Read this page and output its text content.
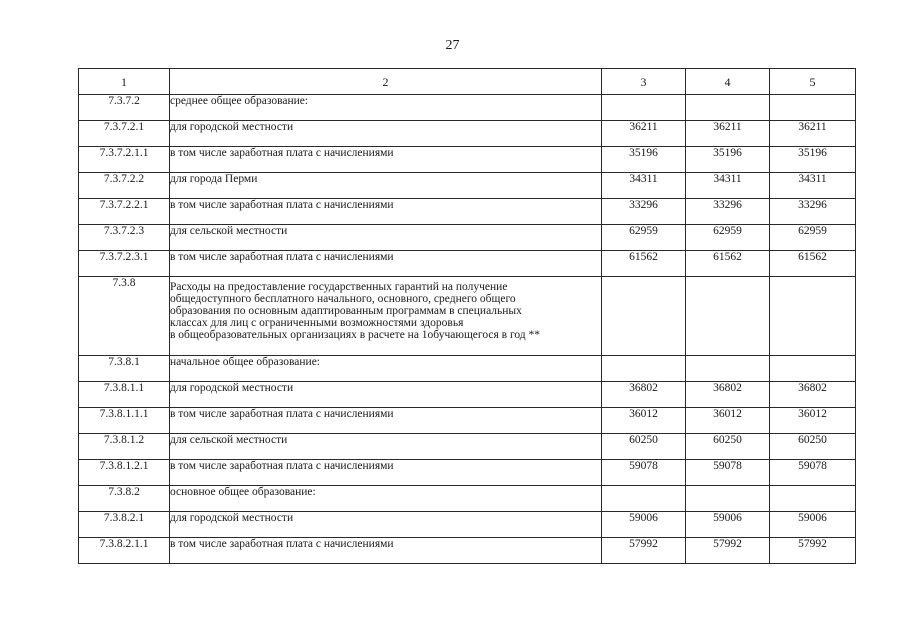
27
1	2	3	4	5
7.3.7.2	среднее общее образование:			
7.3.7.2.1	для городской местности	36211	36211	36211
7.3.7.2.1.1	в том числе заработная плата с начислениями	35196	35196	35196
7.3.7.2.2	для города Перми	34311	34311	34311
7.3.7.2.2.1	в том числе заработная плата с начислениями	33296	33296	33296
7.3.7.2.3	для сельской местности	62959	62959	62959
7.3.7.2.3.1	в том числе заработная плата с начислениями	61562	61562	61562
7.3.8	Расходы на предоставление государственных гарантий на получение
общедоступного бесплатного начального, основного, среднего общего
образования по основным адаптированным программам в специальных
классах для лиц с ограниченными возможностями здоровья
в общеобразовательных организациях в расчете на 1обучающегося в год **			

7.3.8.1	начальное общее образование:			
7.3.8.1.1	для городской местности	36802	36802	36802
7.3.8.1.1.1	в том числе заработная плата с начислениями	36012	36012	36012
7.3.8.1.2	для сельской местности	60250	60250	60250
7.3.8.1.2.1	в том числе заработная плата с начислениями	59078	59078	59078
7.3.8.2	основное общее образование:			
7.3.8.2.1	для городской местности	59006	59006	59006
7.3.8.2.1.1	в том числе заработная плата с начислениями	57992	57992	57992
